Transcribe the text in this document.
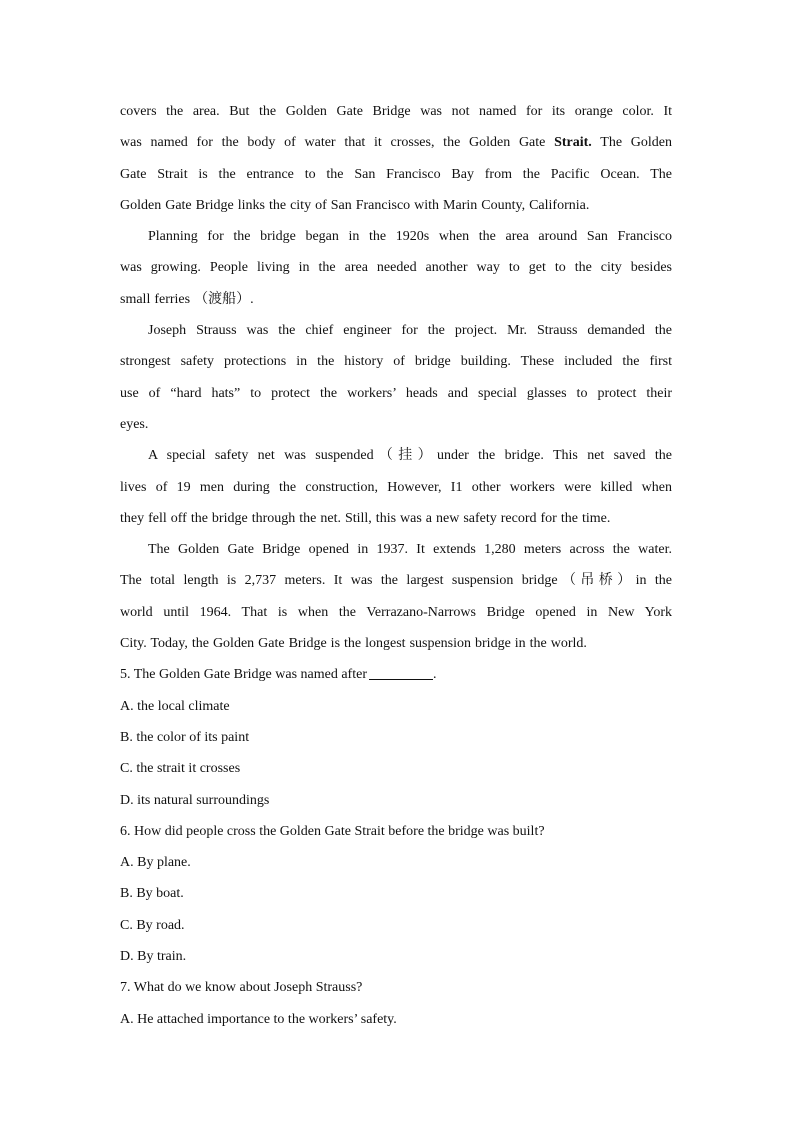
covers the area. But the Golden Gate Bridge was not named for its orange color. It
was named for the body of water that it crosses, the Golden Gate Strait. The Golden
Gate Strait is the entrance to the San Francisco Bay from the Pacific Ocean. The
Golden Gate Bridge links the city of San Francisco with Marin County, California.
Planning for the bridge began in the 1920s when the area around San Francisco
was growing. People living in the area needed another way to get to the city besides
small ferries （渡船）.
Joseph Strauss was the chief engineer for the project. Mr. Strauss demanded the
strongest safety protections in the history of bridge building. These included the first
use of “hard hats” to protect the workers’ heads and special glasses to protect their
eyes.
A special safety net was suspended（挂）under the bridge. This net saved the
lives of 19 men during the construction, However, I1 other workers were killed when
they fell off the bridge through the net. Still, this was a new safety record for the time.
The Golden Gate Bridge opened in 1937. It extends 1,280 meters across the water.
The total length is 2,737 meters. It was the largest suspension bridge（吊桥）in the
world until 1964. That is when the Verrazano-Narrows Bridge opened in New York
City. Today, the Golden Gate Bridge is the longest suspension bridge in the world.
5. The Golden Gate Bridge was named after	.
A. the local climate
B. the color of its paint
C. the strait it crosses
D. its natural surroundings
6. How did people cross the Golden Gate Strait before the bridge was built?
A. By plane.
B. By boat.
C. By road.
D. By train.
7. What do we know about Joseph Strauss?
A. He attached importance to the workers’ safety.
